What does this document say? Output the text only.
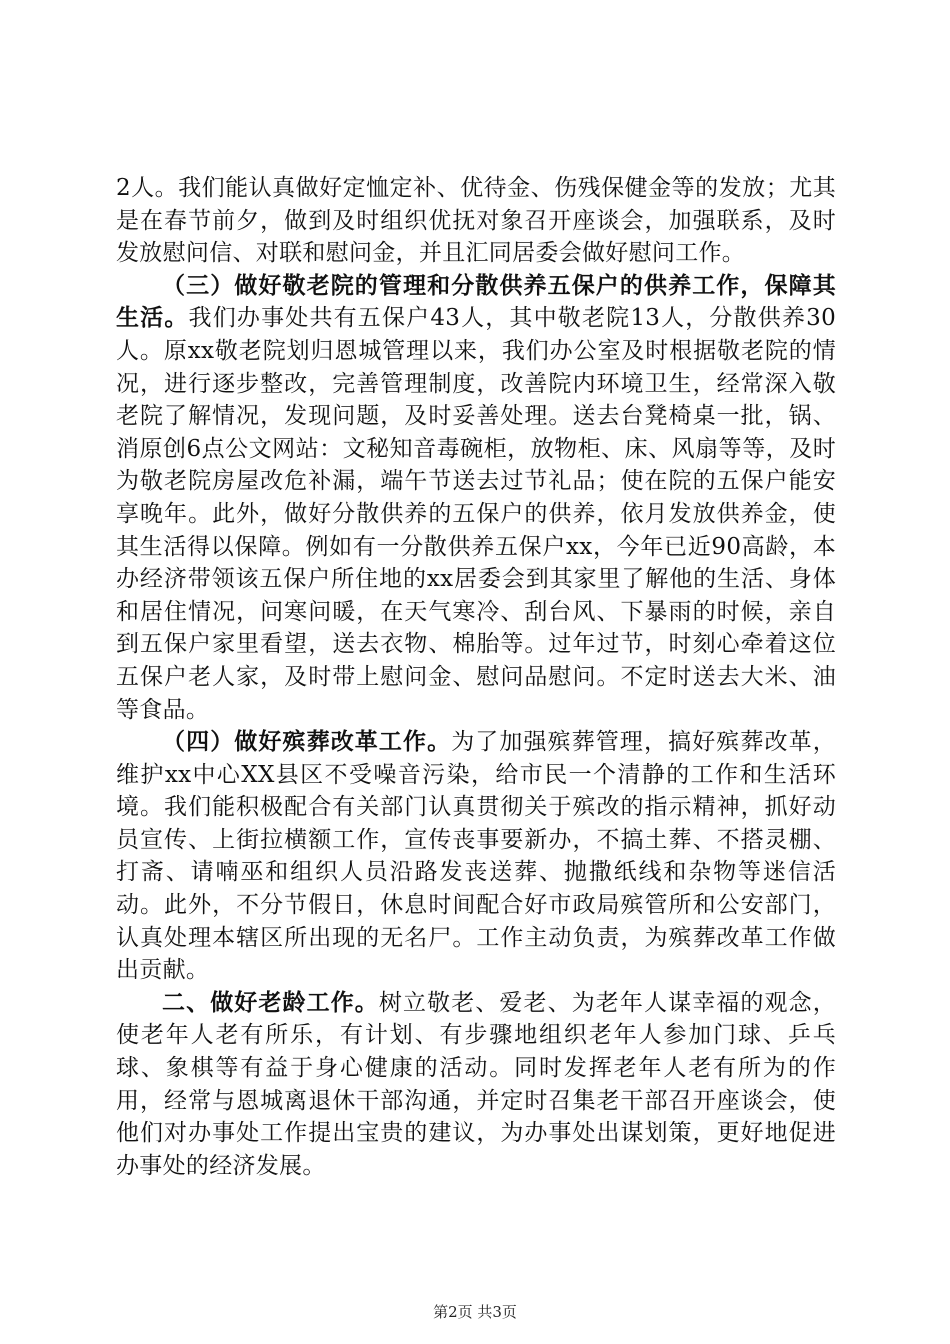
2人。我们能认真做好定恤定补、优待金、伤残保健金等的发放；尤其是在春节前夕，做到及时组织优抚对象召开座谈会，加强联系，及时发放慰问信、对联和慰问金，并且汇同居委会做好慰问工作。

（三）做好敬老院的管理和分散供养五保户的供养工作，保障其生活。我们办事处共有五保户43人，其中敬老院13人，分散供养30人。原xx敬老院划归恩城管理以来，我们办公室及时根据敬老院的情况，进行逐步整改，完善管理制度，改善院内环境卫生，经常深入敬老院了解情况，发现问题，及时妥善处理。送去台凳椅桌一批，锅、消原创6点公文网站：文秘知音毒碗柜，放物柜、床、风扇等等，及时为敬老院房屋改危补漏，端午节送去过节礼品；使在院的五保户能安享晚年。此外，做好分散供养的五保户的供养，依月发放供养金，使其生活得以保障。例如有一分散供养五保户xx，今年已近90高龄，本办经济带领该五保户所住地的xx居委会到其家里了解他的生活、身体和居住情况，问寒问暖，在天气寒冷、刮台风、下暴雨的时候，亲自到五保户家里看望，送去衣物、棉胎等。过年过节，时刻心牵着这位五保户老人家，及时带上慰问金、慰问品慰问。不定时送去大米、油等食品。

（四）做好殡葬改革工作。为了加强殡葬管理，搞好殡葬改革，维护xx中心XX县区不受噪音污染，给市民一个清静的工作和生活环境。我们能积极配合有关部门认真贯彻关于殡改的指示精神，抓好动员宣传、上街拉横额工作，宣传丧事要新办，不搞土葬、不搭灵棚、打斋、请喃巫和组织人员沿路发丧送葬、抛撒纸线和杂物等迷信活动。此外，不分节假日，休息时间配合好市政局殡管所和公安部门，认真处理本辖区所出现的无名尸。工作主动负责，为殡葬改革工作做出贡献。

二、做好老龄工作。树立敬老、爱老、为老年人谋幸福的观念，使老年人老有所乐，有计划、有步骤地组织老年人参加门球、乒乓球、象棋等有益于身心健康的活动。同时发挥老年人老有所为的作用，经常与恩城离退休干部沟通，并定时召集老干部召开座谈会，使他们对办事处工作提出宝贵的建议，为办事处出谋划策，更好地促进办事处的经济发展。

第2页 共3页
